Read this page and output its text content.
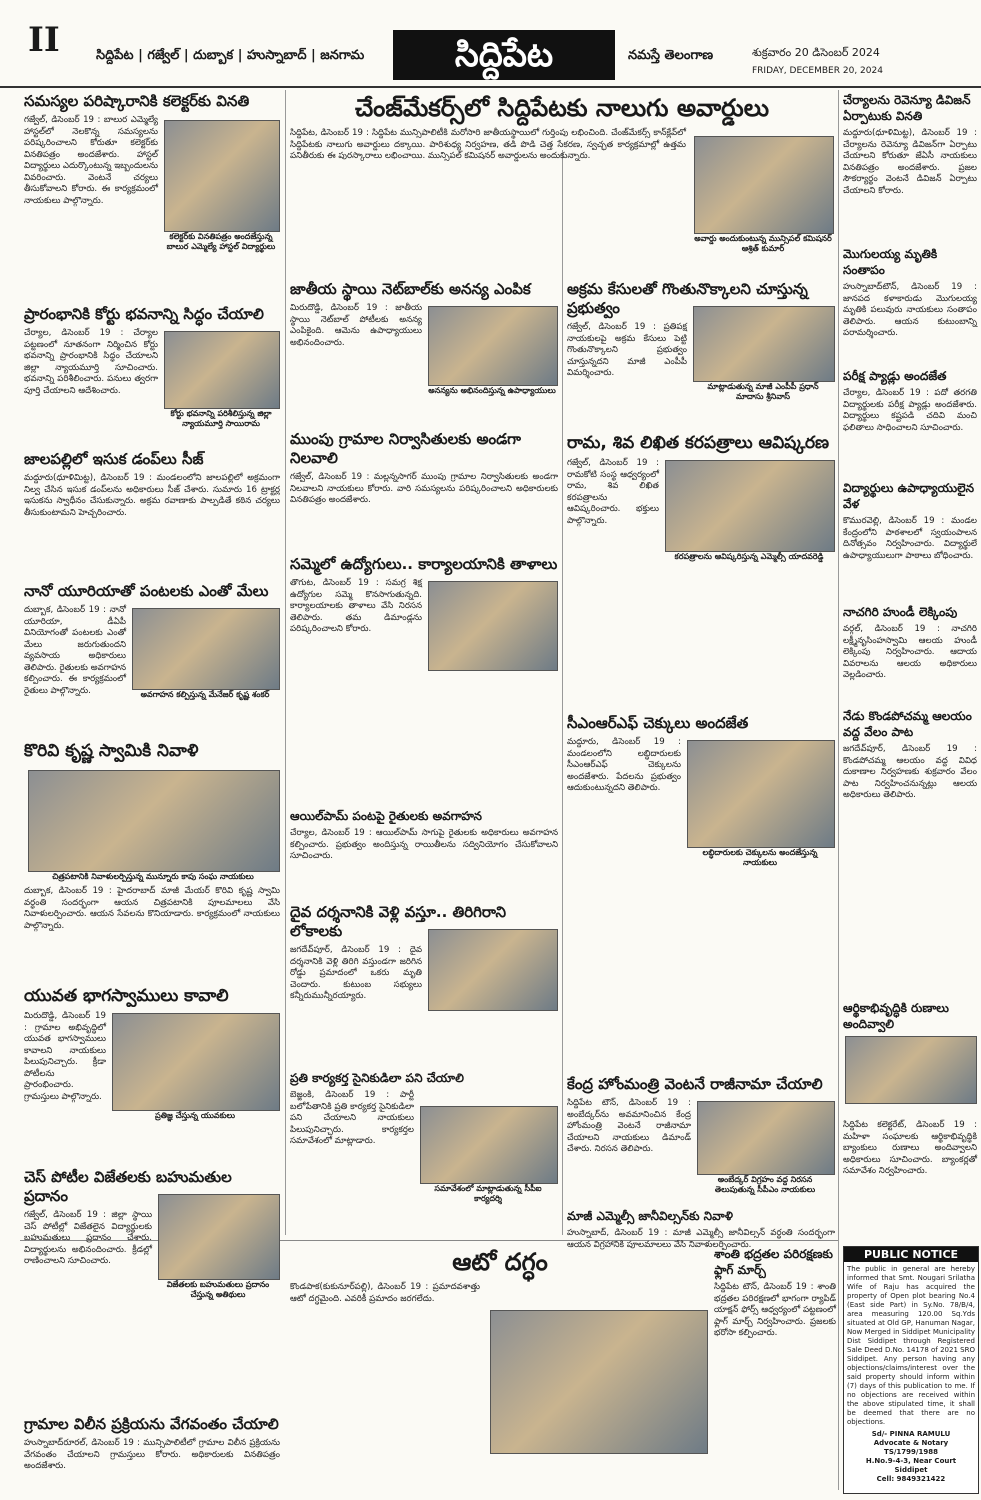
II	సిద్దిపేట | గజ్వేల్ | దుబ్బాక | హుస్నాబాద్ | జనగామ	సిద్దిపేట	నమస్తే తెలంగాణ	శుక్రవారం 20 డిసెంబర్ 2024
FRIDAY, DECEMBER 20, 2024
సమస్యల పరిష్కారానికి కలెక్టర్‌కు వినతి
కలెక్టర్‌కు వినతిపత్రం అందజేస్తున్న బాలుర ఎమ్మెల్యే హాస్టల్ విద్యార్థులు
గజ్వేల్, డిసెంబర్ 19 : బాలుర ఎమ్మెల్యే హాస్టల్‌లో నెలకొన్న సమస్యలను పరిష్కరించాలని కోరుతూ కలెక్టర్‌కు వినతిపత్రం అందజేశారు. హాస్టల్ విద్యార్థులు ఎదుర్కొంటున్న ఇబ్బందులను వివరించారు. వెంటనే చర్యలు తీసుకోవాలని కోరారు. ఈ కార్యక్రమంలో నాయకులు పాల్గొన్నారు.
ప్రారంభానికి కోర్టు భవనాన్ని సిద్ధం చేయాలి
కోర్టు భవనాన్ని పరిశీలిస్తున్న జిల్లా న్యాయమూర్తి సాయిరామ
చేర్యాల, డిసెంబర్ 19 : చేర్యాల పట్టణంలో నూతనంగా నిర్మించిన కోర్టు భవనాన్ని ప్రారంభానికి సిద్ధం చేయాలని జిల్లా న్యాయమూర్తి సూచించారు. భవనాన్ని పరిశీలించారు. పనులు త్వరగా పూర్తి చేయాలని ఆదేశించారు.
జాలపల్లిలో ఇసుక డంప్‌లు సీజ్
మద్దూరు(ధూళిమిట్ట), డిసెంబర్ 19 : మండలంలోని జాలపల్లిలో అక్రమంగా నిల్వ చేసిన ఇసుక డంప్‌లను అధికారులు సీజ్ చేశారు. సుమారు 16 ట్రాక్టర్ల ఇసుకను స్వాధీనం చేసుకున్నారు. అక్రమ రవాణాకు పాల్పడితే కఠిన చర్యలు తీసుకుంటామని హెచ్చరించారు.
నానో యూరియాతో పంటలకు ఎంతో మేలు
అవగాహన కల్పిస్తున్న మేనేజర్ కృష్ణ శంకర్
దుబ్బాక, డిసెంబర్ 19 : నానో యూరియా, డీఏపీ వినియోగంతో పంటలకు ఎంతో మేలు జరుగుతుందని వ్యవసాయ అధికారులు తెలిపారు. రైతులకు అవగాహన కల్పించారు. ఈ కార్యక్రమంలో రైతులు పాల్గొన్నారు.
కొరివి కృష్ణ స్వామికి నివాళి
చిత్రపటానికి నివాళులర్పిస్తున్న మున్నూరు కాపు సంఘ నాయకులు
దుబ్బాక, డిసెంబర్ 19 : హైదరాబాద్ మాజీ మేయర్ కొరివి కృష్ణ స్వామి వర్ధంతి సందర్భంగా ఆయన చిత్రపటానికి పూలమాలలు వేసి నివాళులర్పించారు. ఆయన సేవలను కొనియాడారు. కార్యక్రమంలో నాయకులు పాల్గొన్నారు.
యువత భాగస్వాములు కావాలి
ప్రతిజ్ఞ చేస్తున్న యువకులు
మిరుదొడ్డి, డిసెంబర్ 19 : గ్రామాల అభివృద్ధిలో యువత భాగస్వాములు కావాలని నాయకులు పిలుపునిచ్చారు. క్రీడా పోటీలను ప్రారంభించారు. గ్రామస్తులు పాల్గొన్నారు.
చెస్ పోటీల విజేతలకు బహుమతుల ప్రదానం
విజేతలకు బహుమతులు ప్రదానం చేస్తున్న అతిథులు
గజ్వేల్, డిసెంబర్ 19 : జిల్లా స్థాయి చెస్ పోటీల్లో విజేతలైన విద్యార్థులకు బహుమతులు ప్రదానం చేశారు. విద్యార్థులను అభినందించారు. క్రీడల్లో రాణించాలని సూచించారు.
గ్రామాల విలీన ప్రక్రియను వేగవంతం చేయాలి
హుస్నాబాద్‌రూరల్, డిసెంబర్ 19 : మున్సిపాలిటీలో గ్రామాల విలీన ప్రక్రియను వేగవంతం చేయాలని గ్రామస్తులు కోరారు. అధికారులకు వినతిపత్రం అందజేశారు.
చేంజ్‌మేకర్స్‌లో సిద్దిపేటకు నాలుగు అవార్డులు
అవార్డు అందుకుంటున్న మున్సిపల్ కమిషనర్ ఆశ్రిత్ కుమార్
సిద్దిపేట, డిసెంబర్ 19 : సిద్దిపేట మున్సిపాలిటీకి మరోసారి జాతీయస్థాయిలో గుర్తింపు లభించింది. చేంజ్‌మేకర్స్ కాన్‌క్లేవ్‌లో సిద్దిపేటకు నాలుగు అవార్డులు దక్కాయి. పారిశుధ్య నిర్వహణ, తడి పొడి చెత్త సేకరణ, స్వచ్ఛత కార్యక్రమాల్లో ఉత్తమ పనితీరుకు ఈ పురస్కారాలు లభించాయి. మున్సిపల్ కమిషనర్ అవార్డులను అందుకున్నారు.
జాతీయ స్థాయి నెట్‌బాల్‌కు అనన్య ఎంపిక
అనన్యను అభినందిస్తున్న ఉపాధ్యాయులు
మిరుదొడ్డి, డిసెంబర్ 19 : జాతీయ స్థాయి నెట్‌బాల్ పోటీలకు అనన్య ఎంపికైంది. ఆమెను ఉపాధ్యాయులు అభినందించారు.
ముంపు గ్రామాల నిర్వాసితులకు అండగా నిలవాలి
గజ్వేల్, డిసెంబర్ 19 : మల్లన్నసాగర్ ముంపు గ్రామాల నిర్వాసితులకు అండగా నిలవాలని నాయకులు కోరారు. వారి సమస్యలను పరిష్కరించాలని అధికారులకు వినతిపత్రం అందజేశారు.
సమ్మెలో ఉద్యోగులు.. కార్యాలయానికి తాళాలు
తొగుట, డిసెంబర్ 19 : సమగ్ర శిక్ష ఉద్యోగుల సమ్మె కొనసాగుతున్నది. కార్యాలయాలకు తాళాలు వేసి నిరసన తెలిపారు. తమ డిమాండ్లను పరిష్కరించాలని కోరారు.
ఆయిల్‌పామ్ పంటపై రైతులకు అవగాహన
చేర్యాల, డిసెంబర్ 19 : ఆయిల్‌పామ్ సాగుపై రైతులకు అధికారులు అవగాహన కల్పించారు. ప్రభుత్వం అందిస్తున్న రాయితీలను సద్వినియోగం చేసుకోవాలని సూచించారు.
దైవ దర్శనానికి వెళ్లి వస్తూ.. తిరిగిరాని లోకాలకు
జగదేవ్‌పూర్, డిసెంబర్ 19 : దైవ దర్శనానికి వెళ్లి తిరిగి వస్తుండగా జరిగిన రోడ్డు ప్రమాదంలో ఒకరు మృతి చెందారు. కుటుంబ సభ్యులు కన్నీరుమున్నీరయ్యారు.
ప్రతి కార్యకర్త సైనికుడిలా పని చేయాలి
సమావేశంలో మాట్లాడుతున్న సీపీఐ కార్యదర్శి
బెజ్జంకి, డిసెంబర్ 19 : పార్టీ బలోపేతానికి ప్రతి కార్యకర్త సైనికుడిలా పని చేయాలని నాయకులు పిలుపునిచ్చారు. కార్యకర్తల సమావేశంలో మాట్లాడారు.
అక్రమ కేసులతో గొంతునొక్కాలని చూస్తున్న ప్రభుత్వం
మాట్లాడుతున్న మాజీ ఎంపీపీ ప్రధాన్ మాదాసు శ్రీనివాస్
గజ్వేల్, డిసెంబర్ 19 : ప్రతిపక్ష నాయకులపై అక్రమ కేసులు పెట్టి గొంతునొక్కాలని ప్రభుత్వం చూస్తున్నదని మాజీ ఎంపీపీ విమర్శించారు.
రామ, శివ లిఖిత కరపత్రాలు ఆవిష్కరణ
కరపత్రాలను ఆవిష్కరిస్తున్న ఎమ్మెల్సీ యాదవరెడ్డి
గజ్వేల్, డిసెంబర్ 19 : రామకోటి సంస్థ ఆధ్వర్యంలో రామ, శివ లిఖిత కరపత్రాలను ఆవిష్కరించారు. భక్తులు పాల్గొన్నారు.
సీఎంఆర్‌ఎఫ్ చెక్కులు అందజేత
లబ్ధిదారులకు చెక్కులను అందజేస్తున్న నాయకులు
మద్దూరు, డిసెంబర్ 19 : మండలంలోని లబ్ధిదారులకు సీఎంఆర్‌ఎఫ్ చెక్కులను అందజేశారు. పేదలను ప్రభుత్వం ఆదుకుంటున్నదని తెలిపారు.
కేంద్ర హోంమంత్రి వెంటనే రాజీనామా చేయాలి
అంబేద్కర్ విగ్రహం వద్ద నిరసన తెలుపుతున్న సీపీఎం నాయకులు
సిద్దిపేట టౌన్, డిసెంబర్ 19 : అంబేద్కర్‌ను అవమానించిన కేంద్ర హోంమంత్రి వెంటనే రాజీనామా చేయాలని నాయకులు డిమాండ్ చేశారు. నిరసన తెలిపారు.
మాజీ ఎమ్మెల్సీ జానీవిల్సన్‌కు నివాళి
హుస్నాబాద్, డిసెంబర్ 19 : మాజీ ఎమ్మెల్సీ జానీవిల్సన్ వర్ధంతి సందర్భంగా ఆయన విగ్రహానికి పూలమాలలు వేసి నివాళులర్పించారు.
ఆటో దగ్ధం
కొండపాక(కుకునూర్‌పల్లి), డిసెంబర్ 19 : ప్రమాదవశాత్తు ఆటో దగ్ధమైంది. ఎవరికీ ప్రమాదం జరగలేదు.
శాంతి భద్రతల పరిరక్షణకు ఫ్లాగ్ మార్చ్
సిద్దిపేట టౌన్, డిసెంబర్ 19 : శాంతి భద్రతల పరిరక్షణలో భాగంగా ర్యాపిడ్ యాక్షన్ ఫోర్స్ ఆధ్వర్యంలో పట్టణంలో ఫ్లాగ్ మార్చ్ నిర్వహించారు. ప్రజలకు భరోసా కల్పించారు.
చేర్యాలను రెవెన్యూ డివిజన్ ఏర్పాటుకు వినతి
మద్దూరు(ధూళిమిట్ట), డిసెంబర్ 19 : చేర్యాలను రెవెన్యూ డివిజన్‌గా ఏర్పాటు చేయాలని కోరుతూ జేఏసీ నాయకులు వినతిపత్రం అందజేశారు. ప్రజల సౌకర్యార్థం వెంటనే డివిజన్ ఏర్పాటు చేయాలని కోరారు.
మొగులయ్య మృతికి సంతాపం
హుస్నాబాద్‌టౌన్, డిసెంబర్ 19 : జానపద కళాకారుడు మొగులయ్య మృతికి పలువురు నాయకులు సంతాపం తెలిపారు. ఆయన కుటుంబాన్ని పరామర్శించారు.
పరీక్ష ప్యాడ్లు అందజేత
చేర్యాల, డిసెంబర్ 19 : పదో తరగతి విద్యార్థులకు పరీక్ష ప్యాడ్లు అందజేశారు. విద్యార్థులు కష్టపడి చదివి మంచి ఫలితాలు సాధించాలని సూచించారు.
విద్యార్థులు ఉపాధ్యాయులైన వేళ
కొమురవెల్లి, డిసెంబర్ 19 : మండల కేంద్రంలోని పాఠశాలలో స్వయంపాలన దినోత్సవం నిర్వహించారు. విద్యార్థులే ఉపాధ్యాయులుగా పాఠాలు బోధించారు.
నాచగిరి హుండీ లెక్కింపు
వర్గల్, డిసెంబర్ 19 : నాచగిరి లక్ష్మీనృసింహస్వామి ఆలయ హుండీ లెక్కింపు నిర్వహించారు. ఆదాయ వివరాలను ఆలయ అధికారులు వెల్లడించారు.
నేడు కొండపోచమ్మ ఆలయం వద్ద వేలం పాట
జగదేవ్‌పూర్, డిసెంబర్ 19 : కొండపోచమ్మ ఆలయం వద్ద వివిధ దుకాణాల నిర్వహణకు శుక్రవారం వేలం పాట నిర్వహించనున్నట్లు ఆలయ అధికారులు తెలిపారు.
ఆర్థికాభివృద్ధికి రుణాలు అందివ్వాలి
సిద్దిపేట కలెక్టరేట్, డిసెంబర్ 19 : మహిళా సంఘాలకు ఆర్థికాభివృద్ధికి బ్యాంకులు రుణాలు అందివ్వాలని అధికారులు సూచించారు. బ్యాంకర్లతో సమావేశం నిర్వహించారు.
PUBLIC NOTICE
The public in general are hereby informed that Smt. Nougari Srilatha Wife of Raju has acquired the property of Open plot bearing No.4 (East side Part) in Sy.No. 78/B/4, area measuring 120.00 Sq.Yds situated at Old GP, Hanuman Nagar, Now Merged in Siddipet Municipality Dist Siddipet through Registered Sale Deed D.No. 14178 of 2021 SRO Siddipet. Any person having any objections/claims/interest over the said property should inform within (7) days of this publication to me. If no objections are received within the above stipulated time, it shall be deemed that there are no objections.
Sd/- PINNA RAMULU
Advocate & Notary
TS/1799/1988
H.No.9-4-3, Near Court
Siddipet
Cell: 9849321422
